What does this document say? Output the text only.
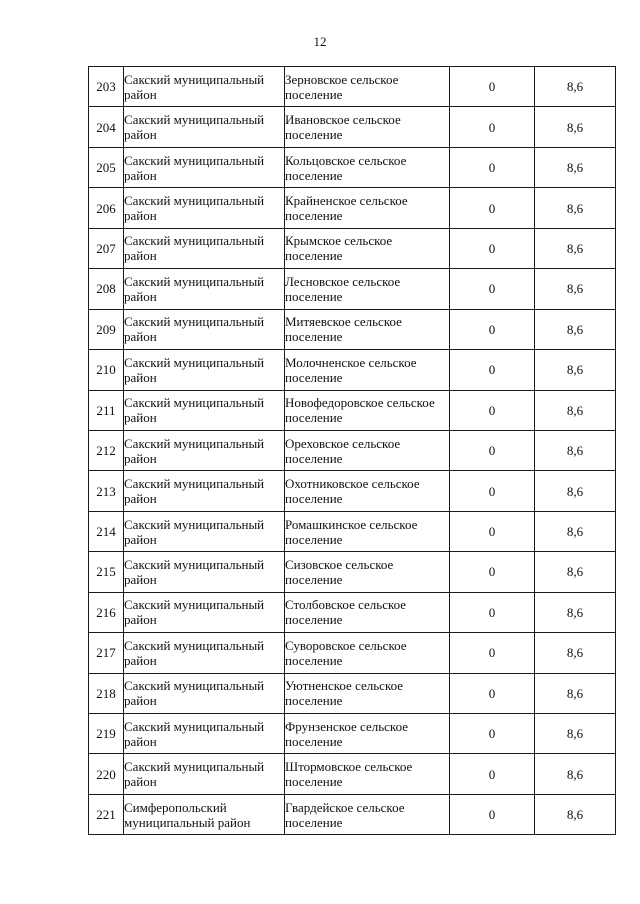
12
203	Сакский муниципальный район	Зерновское сельское поселение	0	8,6

204	Сакский муниципальный район	Ивановское сельское поселение	0	8,6

205	Сакский муниципальный район	Кольцовское сельское поселение	0	8,6

206	Сакский муниципальный район	Крайненское сельское поселение	0	8,6

207	Сакский муниципальный район	Крымское сельское поселение	0	8,6

208	Сакский муниципальный район	Лесновское сельское поселение	0	8,6

209	Сакский муниципальный район	Митяевское сельское поселение	0	8,6

210	Сакский муниципальный район	Молочненское сельское поселение	0	8,6

211	Сакский муниципальный район	Новофедоровское сельское поселение	0	8,6

212	Сакский муниципальный район	Ореховское сельское поселение	0	8,6

213	Сакский муниципальный район	Охотниковское сельское поселение	0	8,6

214	Сакский муниципальный район	Ромашкинское сельское поселение	0	8,6

215	Сакский муниципальный район	Сизовское сельское поселение	0	8,6

216	Сакский муниципальный район	Столбовское сельское поселение	0	8,6

217	Сакский муниципальный район	Суворовское сельское поселение	0	8,6

218	Сакский муниципальный район	Уютненское сельское поселение	0	8,6

219	Сакский муниципальный район	Фрунзенское сельское поселение	0	8,6

220	Сакский муниципальный район	Штормовское сельское поселение	0	8,6

221	Симферопольский муниципальный район	Гвардейское сельское поселение	0	8,6
